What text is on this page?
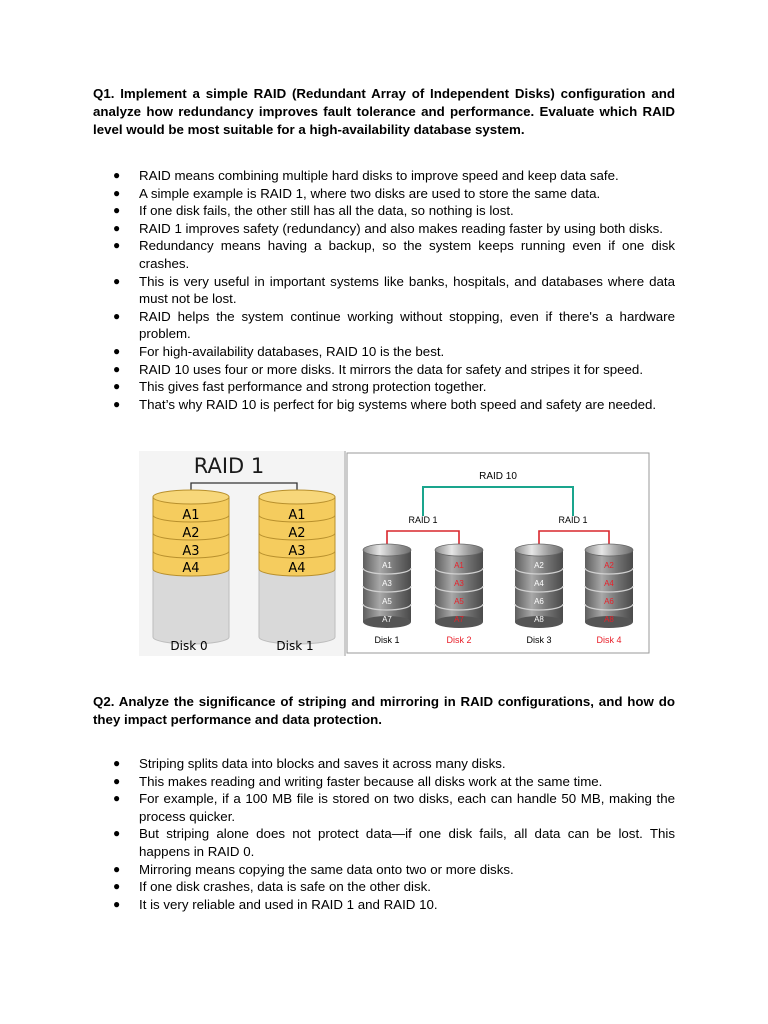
Q1. Implement a simple RAID (Redundant Array of Independent Disks) configuration and analyze how redundancy improves fault tolerance and performance. Evaluate which RAID level would be most suitable for a high-availability database system.

● RAID means combining multiple hard disks to improve speed and keep data safe.
● A simple example is RAID 1, where two disks are used to store the same data.
● If one disk fails, the other still has all the data, so nothing is lost.
● RAID 1 improves safety (redundancy) and also makes reading faster by using both disks.
● Redundancy means having a backup, so the system keeps running even if one disk crashes.
● This is very useful in important systems like banks, hospitals, and databases where data must not be lost.
● RAID helps the system continue working without stopping, even if there's a hardware problem.
● For high-availability databases, RAID 10 is the best.
● RAID 10 uses four or more disks. It mirrors the data for safety and stripes it for speed.
● This gives fast performance and strong protection together.
● That’s why RAID 10 is perfect for big systems where both speed and safety are needed.
RAID 1
A1
A2
A3
A4
Disk 0
A1
A2
A3
A4
Disk 1
RAID 10
RAID 1	RAID 1
A1
A3
A5
A7
Disk 1
A1
A3
A5
A7
Disk 2
A2
A4
A6
A8
Disk 3
A2
A4
A6
A8
Disk 4

Q2. Analyze the significance of striping and mirroring in RAID configurations, and how do they impact performance and data protection.

● Striping splits data into blocks and saves it across many disks.
● This makes reading and writing faster because all disks work at the same time.
● For example, if a 100 MB file is stored on two disks, each can handle 50 MB, making the process quicker.
● But striping alone does not protect data—if one disk fails, all data can be lost. This happens in RAID 0.
● Mirroring means copying the same data onto two or more disks.
● If one disk crashes, data is safe on the other disk.
● It is very reliable and used in RAID 1 and RAID 10.
